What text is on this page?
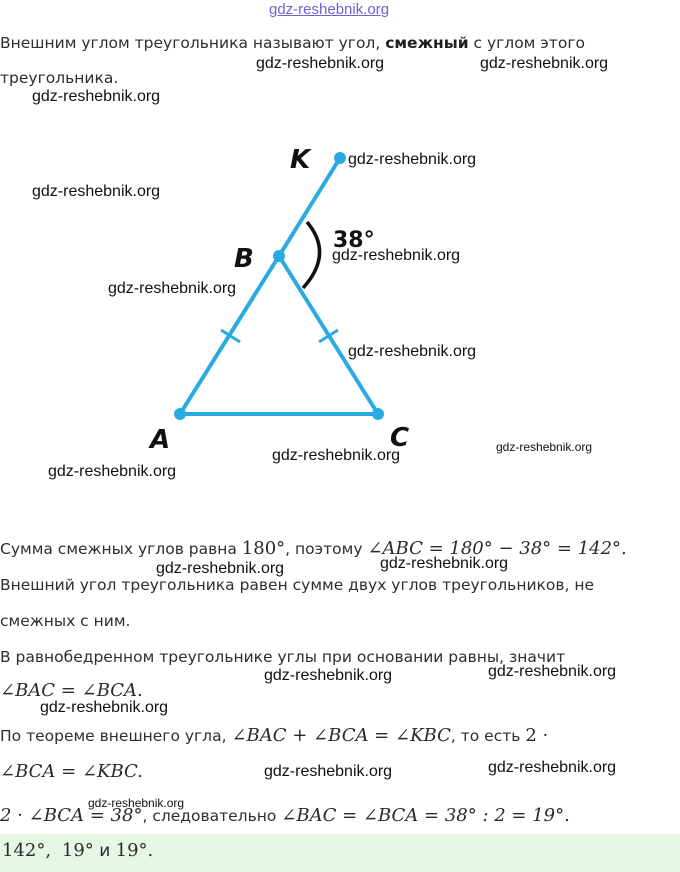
gdz-reshebnik.org
Внешним углом треугольника называют угол, смежный с углом этого
треугольника.
K
B
A	C
38°
Сумма смежных углов равна 180°, поэтому ∠ABC = 180° − 38° = 142°.
Внешний угол треугольника равен сумме двух углов треугольников, не
смежных с ним.
В равнобедренном треугольнике углы при основании равны, значит
∠BAC = ∠BCA.
По теореме внешнего угла, ∠BAC + ∠BCA = ∠KBC, то есть 2 ·
∠BCA = ∠KBC.
2 · ∠BCA = 38°, следовательно ∠BAC = ∠BCA = 38° : 2 = 19°.
142°, 19° и 19°.
gdz-reshebnik.org	gdz-reshebnik.org
gdz-reshebnik.org
gdz-reshebnik.org
gdz-reshebnik.org
gdz-reshebnik.org
gdz-reshebnik.org
gdz-reshebnik.org
gdz-reshebnik.org
gdz-reshebnik.org
gdz-reshebnik.org
gdz-reshebnik.org	gdz-reshebnik.org
gdz-reshebnik.org	gdz-reshebnik.org
gdz-reshebnik.org
gdz-reshebnik.org	gdz-reshebnik.org
gdz-reshebnik.org
